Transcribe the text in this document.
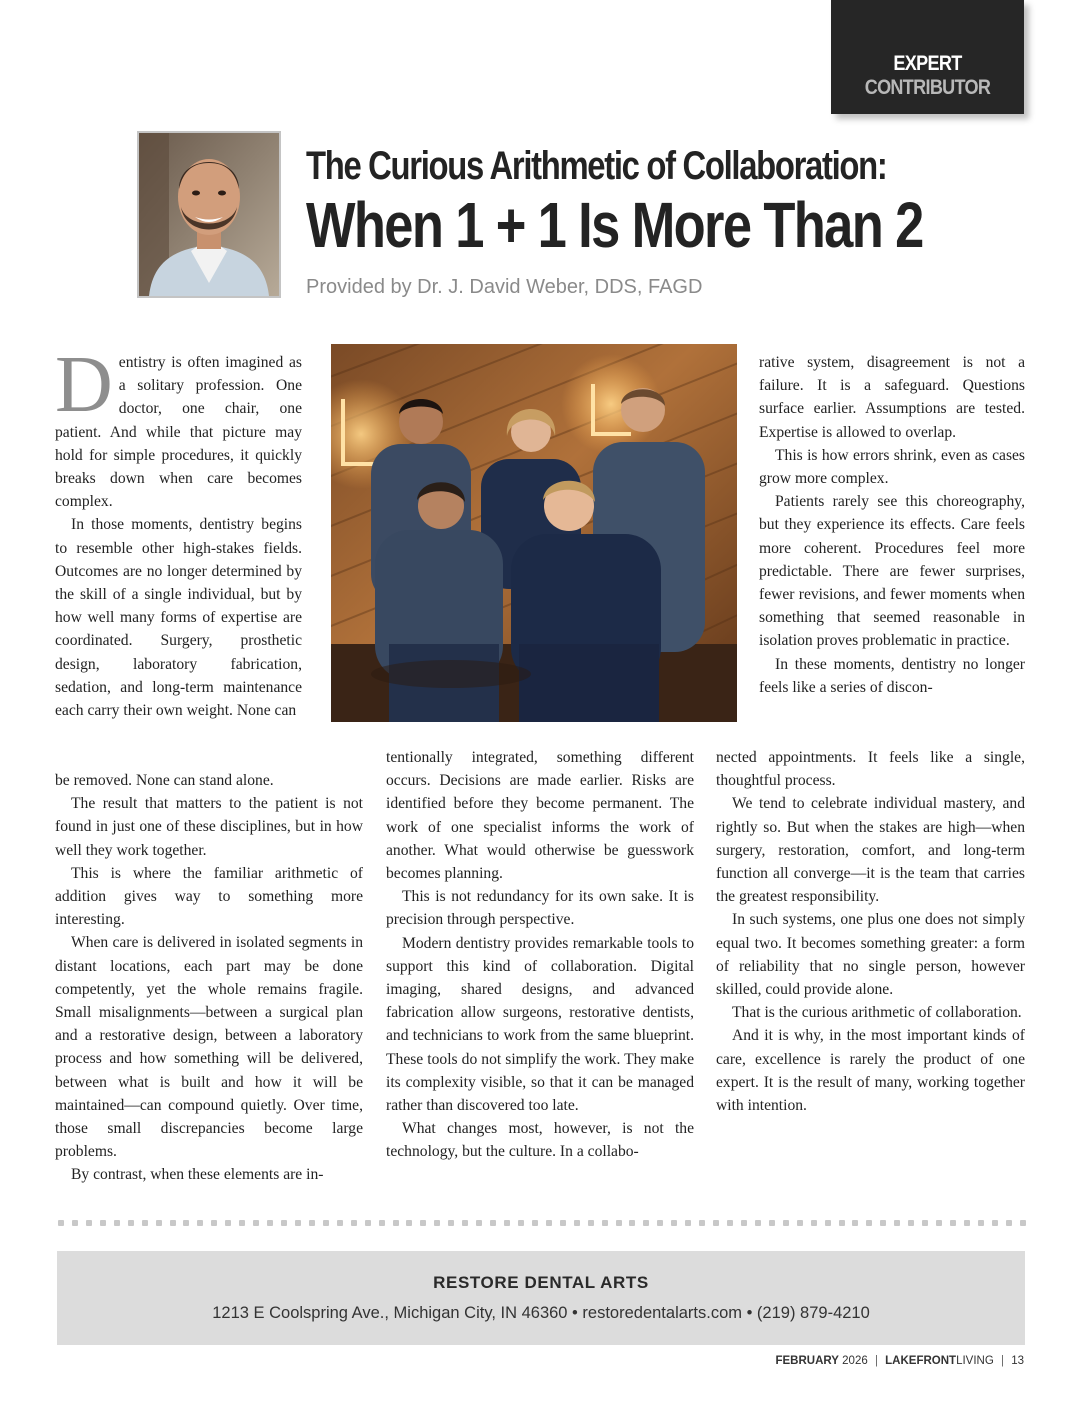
EXPERT CONTRIBUTOR
The Curious Arithmetic of Collaboration:
When 1 + 1 Is More Than 2
Provided by Dr. J. David Weber, DDS, FAGD

Dentistry is often imagined as a solitary profession. One doctor, one chair, one patient. And while that picture may hold for simple procedures, it quickly breaks down when care becomes complex.

In those moments, dentistry begins to resemble other high-stakes fields. Outcomes are no longer determined by the skill of a single individual, but by how well many forms of expertise are coordinated. Surgery, prosthetic design, laboratory fabrication, sedation, and long-term maintenance each carry their own weight. None can

be removed. None can stand alone.

The result that matters to the patient is not found in just one of these disciplines, but in how well they work together.

This is where the familiar arithmetic of addition gives way to something more interesting.

When care is delivered in isolated segments in distant locations, each part may be done competently, yet the whole remains fragile. Small misalignments—between a surgical plan and a restorative design, between a laboratory process and how something will be delivered, between what is built and how it will be maintained—can compound quietly. Over time, those small discrepancies become large problems.

By contrast, when these elements are in-

tentionally integrated, something different occurs. Decisions are made earlier. Risks are identified before they become permanent. The work of one specialist informs the work of another. What would otherwise be guesswork becomes planning.

This is not redundancy for its own sake. It is precision through perspective.

Modern dentistry provides remarkable tools to support this kind of collaboration. Digital imaging, shared designs, and advanced fabrication allow surgeons, restorative dentists, and technicians to work from the same blueprint. These tools do not simplify the work. They make its complexity visible, so that it can be managed rather than discovered too late.

What changes most, however, is not the technology, but the culture. In a collabo-

rative system, disagreement is not a failure. It is a safeguard. Questions surface earlier. Assumptions are tested. Expertise is allowed to overlap.

This is how errors shrink, even as cases grow more complex.

Patients rarely see this choreography, but they experience its effects. Care feels more coherent. Procedures feel more predictable. There are fewer surprises, fewer revisions, and fewer moments when something that seemed reasonable in isolation proves problematic in practice.

In these moments, dentistry no longer feels like a series of discon-

nected appointments. It feels like a single, thoughtful process.

We tend to celebrate individual mastery, and rightly so. But when the stakes are high—when surgery, restoration, comfort, and long-term function all converge—it is the team that carries the greatest responsibility.

In such systems, one plus one does not simply equal two. It becomes something greater: a form of reliability that no single person, however skilled, could provide alone.

That is the curious arithmetic of collaboration.

And it is why, in the most important kinds of care, excellence is rarely the product of one expert. It is the result of many, working together with intention.

RESTORE DENTAL ARTS
1213 E Coolspring Ave., Michigan City, IN 46360 • restoredentalarts.com • (219) 879-4210
FEBRUARY 2026 | LAKEFRONTLIVING | 13
